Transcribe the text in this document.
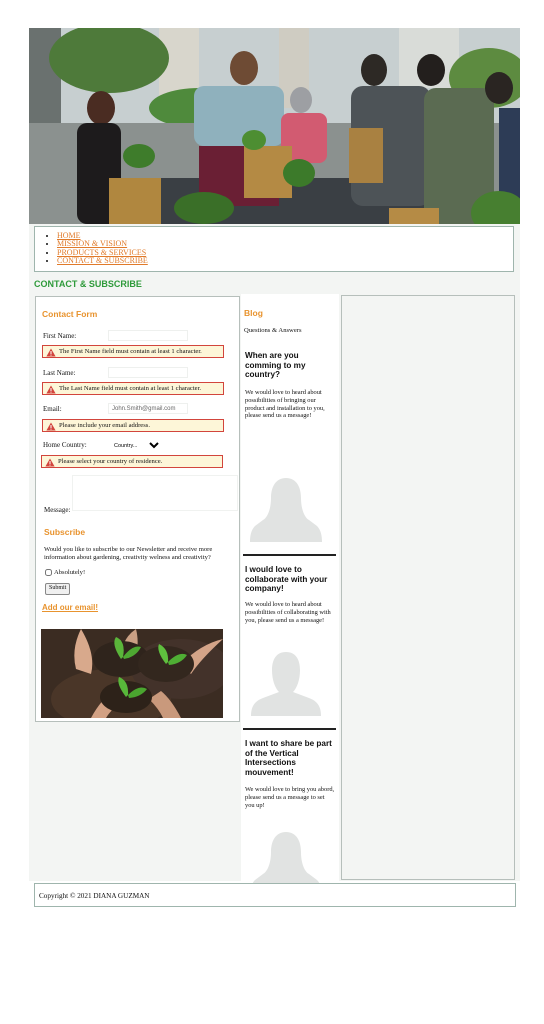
• HOME
• MISSION & VISION
• PRODUCTS & SERVICES
• CONTACT & SUBSCRIBE
CONTACT & SUBSCRIBE
Contact Form
First Name:
The First Name field must contain at least 1 character.
Last Name:
The Last Name field must contain at least 1 character.
Email:	John.Smith@gmail.com
Please include your email address.
Home Country:
Country...
Please select your country of residence.
Message:
Subscribe
Would you like to subscribe to our Newsletter and receive more information about gardening, creativity welness and creativity?
Absolutely!
Submit
Add our email!
Blog
Questions & Answers
When are you comming to my country?
We would love to heard about possibilities of bringing our product and installation to you, please send us a message!
I would love to collaborate with your company!
We would love to heard about possibilities of collaborating with you, please send us a message!
I want to share be part of the Vertical Intersections mouvement!
We would love to bring you abord, please send us a message to set you up!
Copyright © 2021 DIANA GUZMAN
